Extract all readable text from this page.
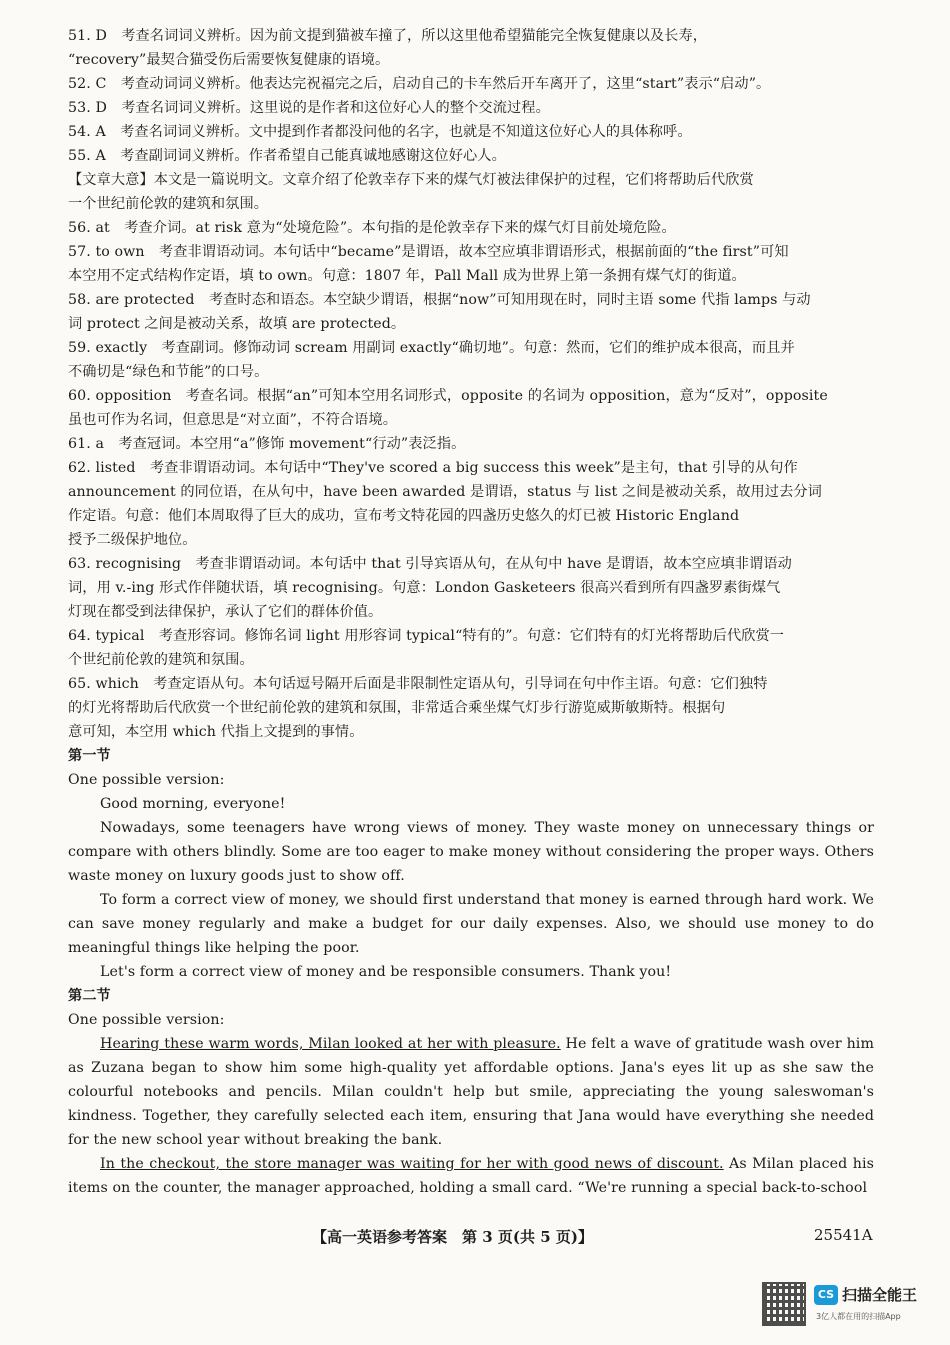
51. D　考查名词词义辨析。因为前文提到猫被车撞了，所以这里他希望猫能完全恢复健康以及长寿，

“recovery”最契合猫受伤后需要恢复健康的语境。

52. C　考查动词词义辨析。他表达完祝福完之后，启动自己的卡车然后开车离开了，这里“start”表示“启动”。

53. D　考查名词词义辨析。这里说的是作者和这位好心人的整个交流过程。

54. A　考查名词词义辨析。文中提到作者都没问他的名字，也就是不知道这位好心人的具体称呼。

55. A　考查副词词义辨析。作者希望自己能真诚地感谢这位好心人。

【文章大意】本文是一篇说明文。文章介绍了伦敦幸存下来的煤气灯被法律保护的过程，它们将帮助后代欣赏

一个世纪前伦敦的建筑和氛围。

56. at　考查介词。at risk 意为“处境危险”。本句指的是伦敦幸存下来的煤气灯目前处境危险。

57. to own　考查非谓语动词。本句话中“became”是谓语，故本空应填非谓语形式，根据前面的“the first”可知

本空用不定式结构作定语，填 to own。句意：1807 年，Pall Mall 成为世界上第一条拥有煤气灯的街道。

58. are protected　考查时态和语态。本空缺少谓语，根据“now”可知用现在时，同时主语 some 代指 lamps 与动

词 protect 之间是被动关系，故填 are protected。

59. exactly　考查副词。修饰动词 scream 用副词 exactly“确切地”。句意：然而，它们的维护成本很高，而且并

不确切是“绿色和节能”的口号。

60. opposition　考查名词。根据“an”可知本空用名词形式，opposite 的名词为 opposition，意为“反对”，opposite

虽也可作为名词，但意思是“对立面”，不符合语境。

61. a　考查冠词。本空用“a”修饰 movement“行动”表泛指。

62. listed　考查非谓语动词。本句话中“They've scored a big success this week”是主句，that 引导的从句作

announcement 的同位语，在从句中，have been awarded 是谓语，status 与 list 之间是被动关系，故用过去分词

作定语。句意：他们本周取得了巨大的成功，宣布考文特花园的四盏历史悠久的灯已被 Historic England

授予二级保护地位。

63. recognising　考查非谓语动词。本句话中 that 引导宾语从句，在从句中 have 是谓语，故本空应填非谓语动

词，用 v.-ing 形式作伴随状语，填 recognising。句意：London Gasketeers 很高兴看到所有四盏罗素街煤气

灯现在都受到法律保护，承认了它们的群体价值。

64. typical　考查形容词。修饰名词 light 用形容词 typical“特有的”。句意：它们特有的灯光将帮助后代欣赏一

个世纪前伦敦的建筑和氛围。

65. which　考查定语从句。本句话逗号隔开后面是非限制性定语从句，引导词在句中作主语。句意：它们独特

的灯光将帮助后代欣赏一个世纪前伦敦的建筑和氛围，非常适合乘坐煤气灯步行游览威斯敏斯特。根据句

意可知，本空用 which 代指上文提到的事情。

第一节

One possible version:

Good morning, everyone!

Nowadays, some teenagers have wrong views of money. They waste money on unnecessary things or compare with others blindly. Some are too eager to make money without considering the proper ways. Others waste money on luxury goods just to show off.

To form a correct view of money, we should first understand that money is earned through hard work. We can save money regularly and make a budget for our daily expenses. Also, we should use money to do meaningful things like helping the poor.

Let's form a correct view of money and be responsible consumers. Thank you!

第二节

One possible version:

Hearing these warm words, Milan looked at her with pleasure. He felt a wave of gratitude wash over him as Zuzana began to show him some high-quality yet affordable options. Jana's eyes lit up as she saw the colourful notebooks and pencils. Milan couldn't help but smile, appreciating the young saleswoman's kindness. Together, they carefully selected each item, ensuring that Jana would have everything she needed for the new school year without breaking the bank.

In the checkout, the store manager was waiting for her with good news of discount. As Milan placed his items on the counter, the manager approached, holding a small card. “We're running a special back-to-school

【高一英语参考答案　第 3 页(共 5 页)】	25541A
CS 扫描全能王
3亿人都在用的扫描App
